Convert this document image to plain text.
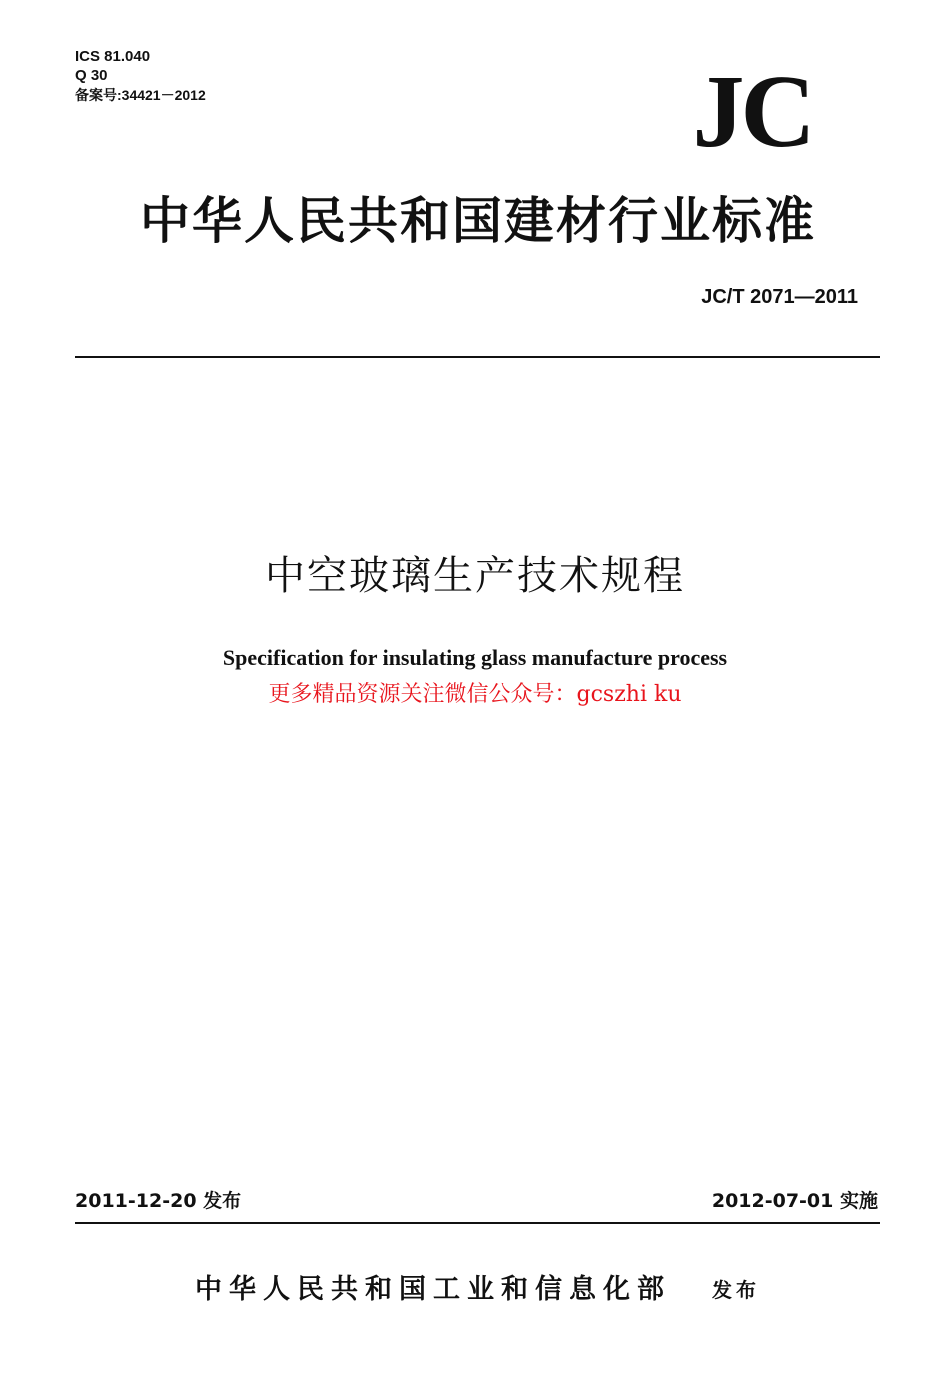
ICS 81.040
Q 30
备案号:34421－2012	JC
中华人民共和国建材行业标准
JC/T 2071—2011
中空玻璃生产技术规程
Specification for insulating glass manufacture process
更多精品资源关注微信公众号：gcszhi ku
2011-12-20 发布	2012-07-01 实施
中华人民共和国工业和信息化部 发布
